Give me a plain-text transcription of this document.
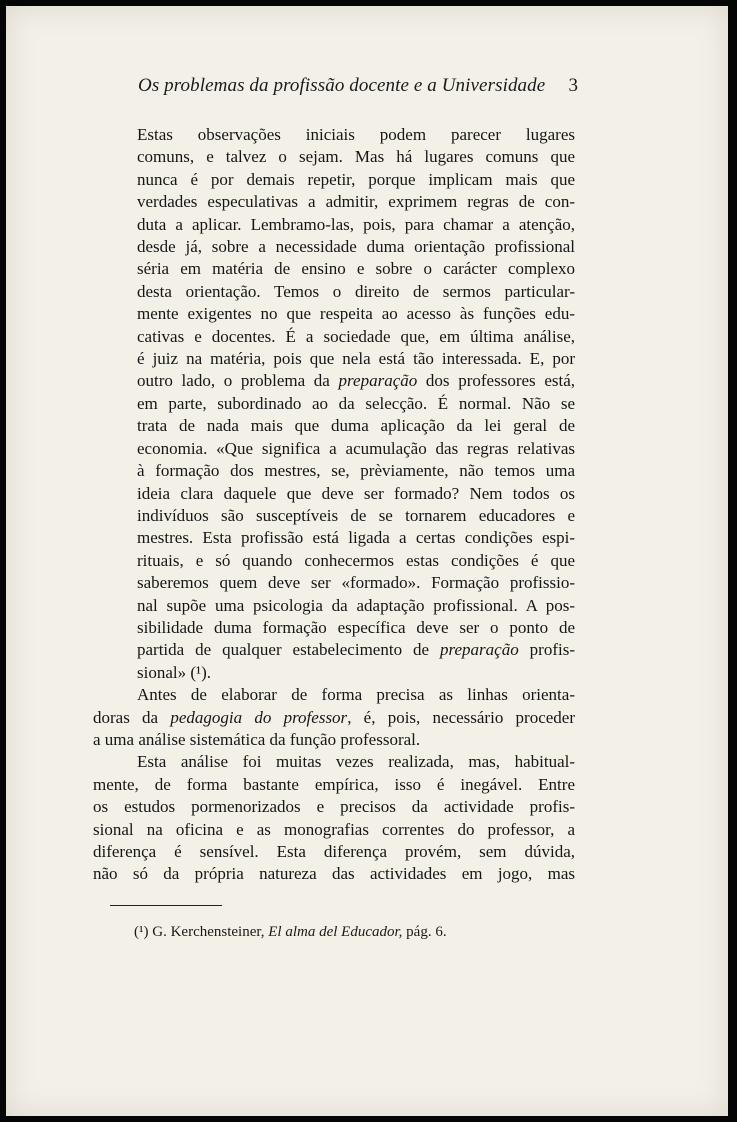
Os problemas da profissão docente e a Universidade 3

Estas observações iniciais podem parecer lugares
comuns, e talvez o sejam. Mas há lugares comuns que
nunca é por demais repetir, porque implicam mais que
verdades especulativas a admitir, exprimem regras de con-
duta a aplicar. Lembramo-las, pois, para chamar a atenção,
desde já, sobre a necessidade duma orientação profissional
séria em matéria de ensino e sobre o carácter complexo
desta orientação. Temos o direito de sermos particular-
mente exigentes no que respeita ao acesso às funções edu-
cativas e docentes. É a sociedade que, em última análise,
é juiz na matéria, pois que nela está tão interessada. E, por
outro lado, o problema da preparação dos professores está,
em parte, subordinado ao da selecção. É normal. Não se
trata de nada mais que duma aplicação da lei geral de
economia. «Que significa a acumulação das regras relativas
à formação dos mestres, se, prèviamente, não temos uma
ideia clara daquele que deve ser formado? Nem todos os
indivíduos são susceptíveis de se tornarem educadores e
mestres. Esta profissão está ligada a certas condições espi-
rituais, e só quando conhecermos estas condições é que
saberemos quem deve ser «formado». Formação profissio-
nal supõe uma psicologia da adaptação profissional. A pos-
sibilidade duma formação específica deve ser o ponto de
partida de qualquer estabelecimento de preparação profis-
sional» (¹).

Antes de elaborar de forma precisa as linhas orienta-
doras da pedagogia do professor, é, pois, necessário proceder
a uma análise sistemática da função professoral.

Esta análise foi muitas vezes realizada, mas, habitual-
mente, de forma bastante empírica, isso é inegável. Entre
os estudos pormenorizados e precisos da actividade profis-
sional na oficina e as monografias correntes do professor, a
diferença é sensível. Esta diferença provém, sem dúvida,
não só da própria natureza das actividades em jogo, mas

(¹) G. Kerchensteiner, El alma del Educador, pág. 6.
